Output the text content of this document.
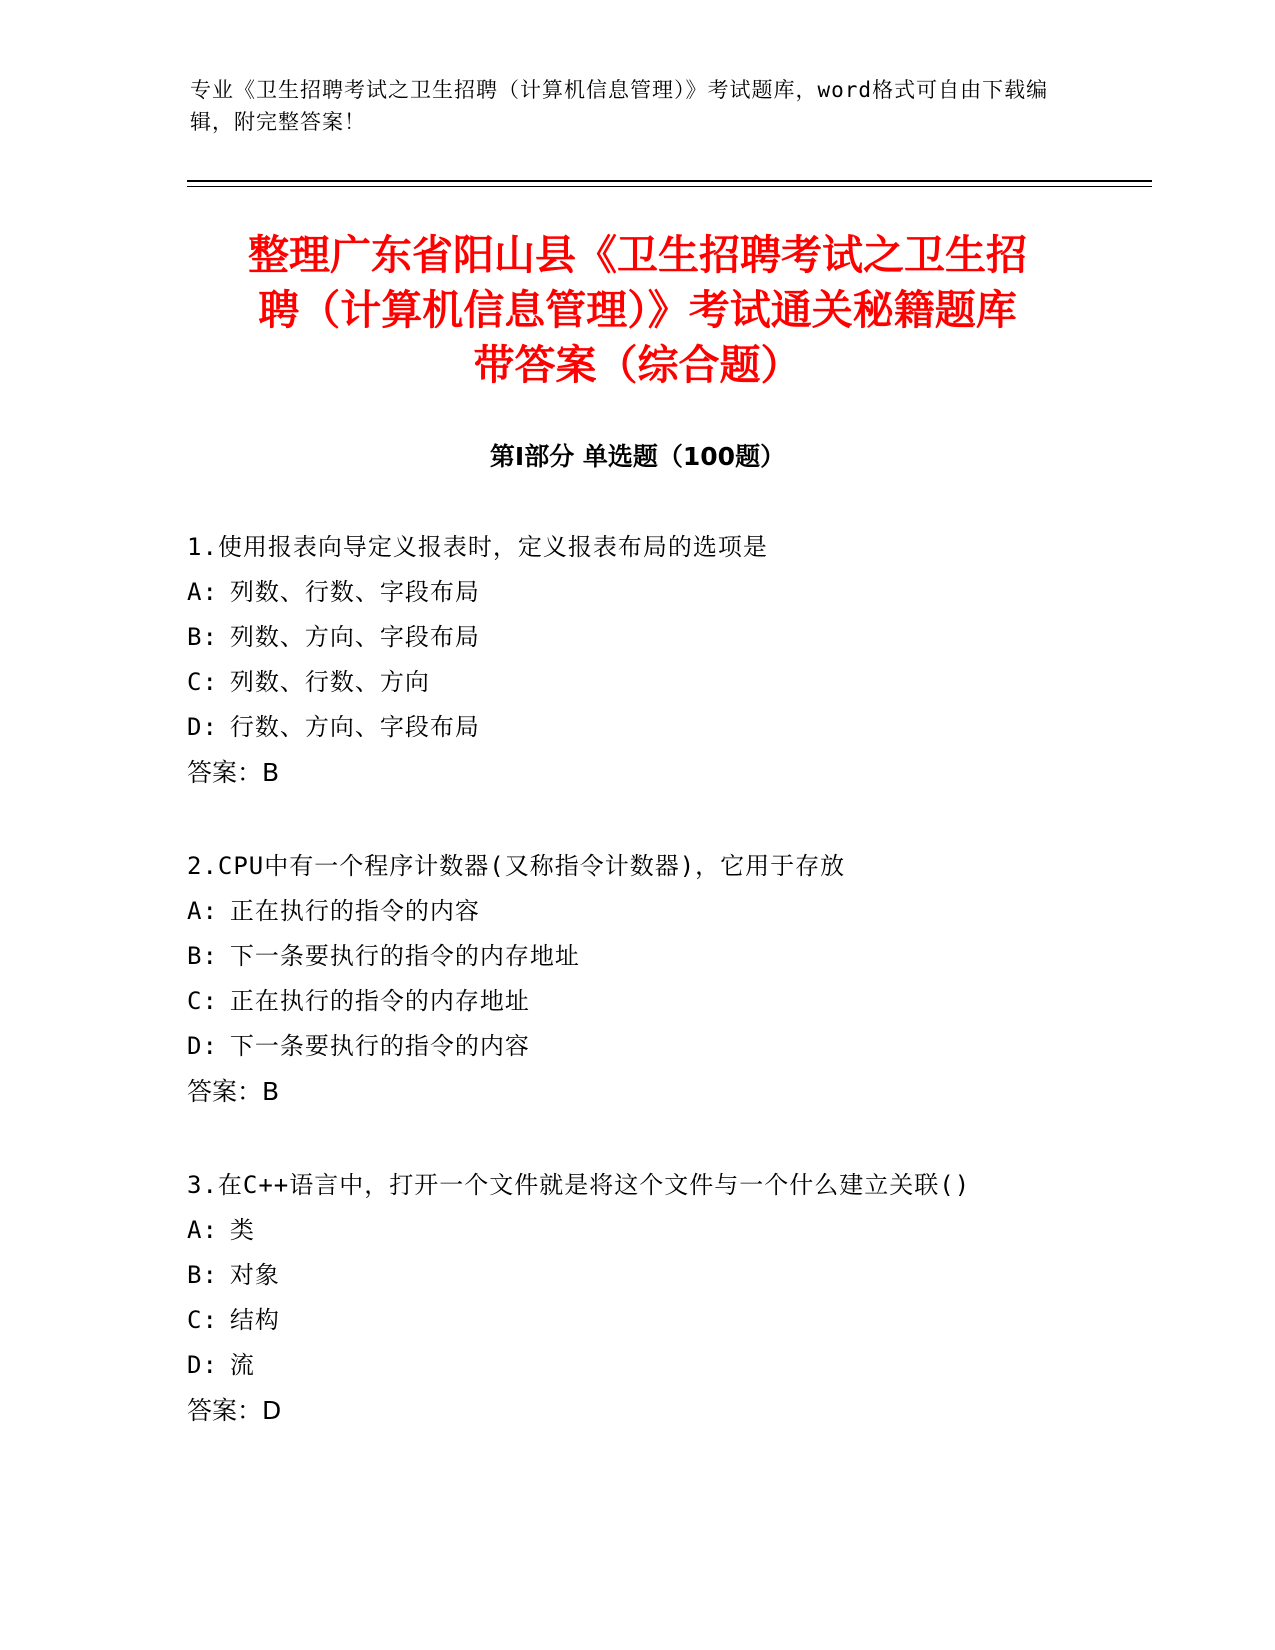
专业《卫生招聘考试之卫生招聘（计算机信息管理）》考试题库，word格式可自由下载编辑，附完整答案！
整理广东省阳山县《卫生招聘考试之卫生招
聘（计算机信息管理）》考试通关秘籍题库
带答案（综合题）
第Ⅰ部分 单选题（100题）
1.使用报表向导定义报表时，定义报表布局的选项是
A: 列数、行数、字段布局
B: 列数、方向、字段布局
C: 列数、行数、方向
D: 行数、方向、字段布局
答案：B
2.CPU中有一个程序计数器(又称指令计数器)，它用于存放
A: 正在执行的指令的内容
B: 下一条要执行的指令的内存地址
C: 正在执行的指令的内存地址
D: 下一条要执行的指令的内容
答案：B
3.在C++语言中，打开一个文件就是将这个文件与一个什么建立关联()
A: 类
B: 对象
C: 结构
D: 流
答案：D
